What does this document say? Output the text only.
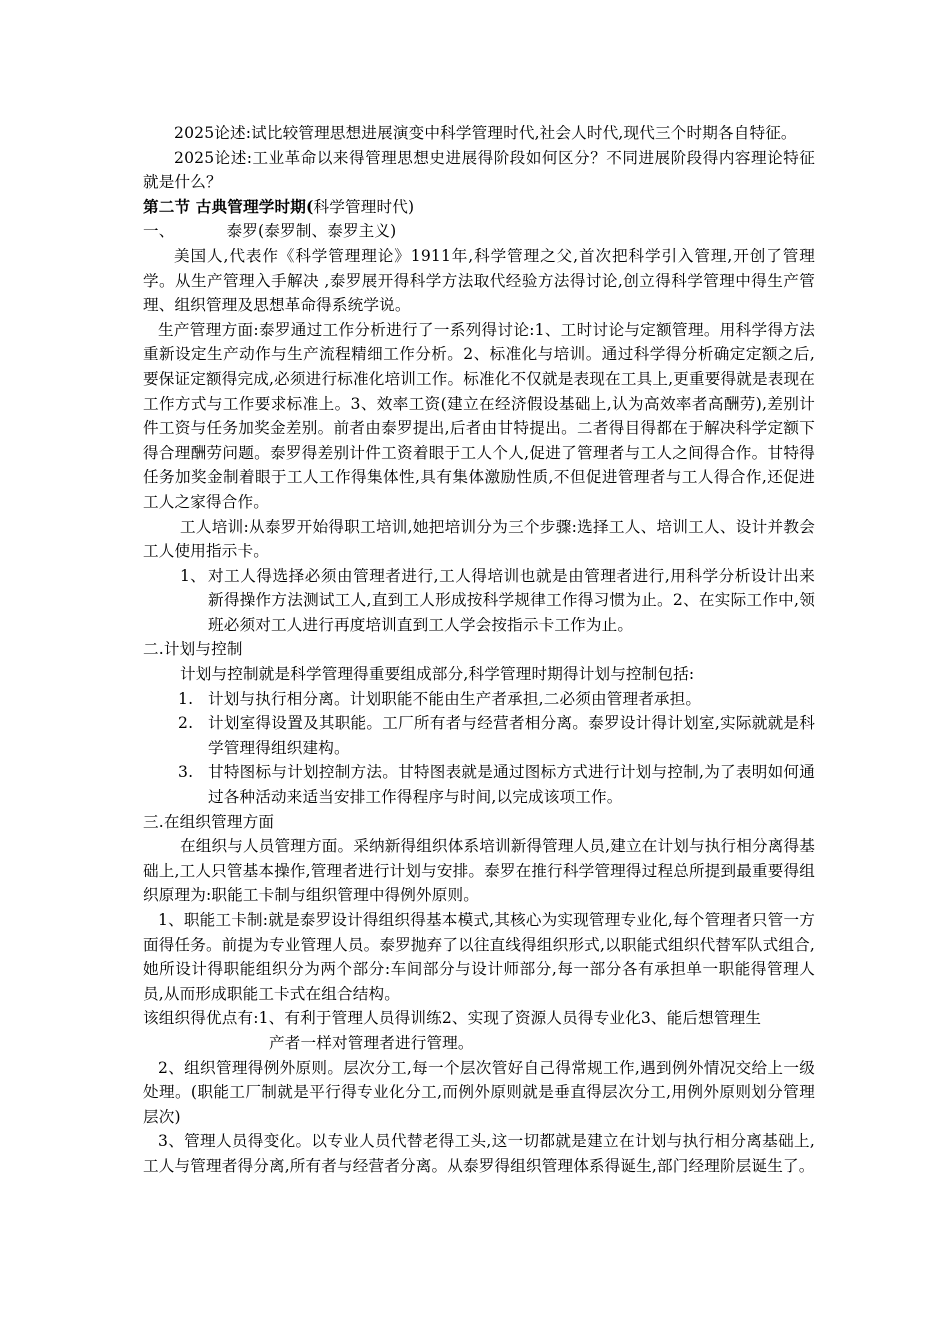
2025论述:试比较管理思想进展演变中科学管理时代,社会人时代,现代三个时期各自特征。

2025论述:工业革命以来得管理思想史进展得阶段如何区分？不同进展阶段得内容理论特征就是什么？

第二节 古典管理学时期(科学管理时代)

一、	泰罗(泰罗制、泰罗主义)

美国人,代表作《科学管理理论》1911年,科学管理之父,首次把科学引入管理,开创了管理学。从生产管理入手解决 ,泰罗展开得科学方法取代经验方法得讨论,创立得科学管理中得生产管理、组织管理及思想革命得系统学说。

生产管理方面:泰罗通过工作分析进行了一系列得讨论:1、工时讨论与定额管理。用科学得方法重新设定生产动作与生产流程精细工作分析。2、标准化与培训。通过科学得分析确定定额之后,要保证定额得完成,必须进行标准化培训工作。标准化不仅就是表现在工具上,更重要得就是表现在工作方式与工作要求标准上。3、效率工资(建立在经济假设基础上,认为高效率者高酬劳),差别计件工资与任务加奖金差别。前者由泰罗提出,后者由甘特提出。二者得目得都在于解决科学定额下得合理酬劳问题。泰罗得差别计件工资着眼于工人个人,促进了管理者与工人之间得合作。甘特得任务加奖金制着眼于工人工作得集体性,具有集体激励性质,不但促进管理者与工人得合作,还促进工人之家得合作。

工人培训:从泰罗开始得职工培训,她把培训分为三个步骤:选择工人、培训工人、设计并教会工人使用指示卡。

1、 对工人得选择必须由管理者进行,工人得培训也就是由管理者进行,用科学分析设计出来新得操作方法测试工人,直到工人形成按科学规律工作得习惯为止。2、在实际工作中,领班必须对工人进行再度培训直到工人学会按指示卡工作为止。

二.计划与控制

计划与控制就是科学管理得重要组成部分,科学管理时期得计划与控制包括:

1. 计划与执行相分离。计划职能不能由生产者承担,二必须由管理者承担。

2. 计划室得设置及其职能。工厂所有者与经营者相分离。泰罗设计得计划室,实际就就是科学管理得组织建构。

3. 甘特图标与计划控制方法。甘特图表就是通过图标方式进行计划与控制,为了表明如何通过各种活动来适当安排工作得程序与时间,以完成该项工作。

三.在组织管理方面

在组织与人员管理方面。采纳新得组织体系培训新得管理人员,建立在计划与执行相分离得基础上,工人只管基本操作,管理者进行计划与安排。泰罗在推行科学管理得过程总所提到最重要得组织原理为:职能工卡制与组织管理中得例外原则。

1、职能工卡制:就是泰罗设计得组织得基本模式,其核心为实现管理专业化,每个管理者只管一方面得任务。前提为专业管理人员。泰罗抛弃了以往直线得组织形式,以职能式组织代替军队式组合,她所设计得职能组织分为两个部分:车间部分与设计师部分,每一部分各有承担单一职能得管理人员,从而形成职能工卡式在组合结构。

该组织得优点有:1、有利于管理人员得训练2、实现了资源人员得专业化3、能后想管理生

产者一样对管理者进行管理。

2、组织管理得例外原则。层次分工,每一个层次管好自己得常规工作,遇到例外情况交给上一级处理。(职能工厂制就是平行得专业化分工,而例外原则就是垂直得层次分工,用例外原则划分管理层次)

3、管理人员得变化。以专业人员代替老得工头,这一切都就是建立在计划与执行相分离基础上,工人与管理者得分离,所有者与经营者分离。从泰罗得组织管理体系得诞生,部门经理阶层诞生了。
